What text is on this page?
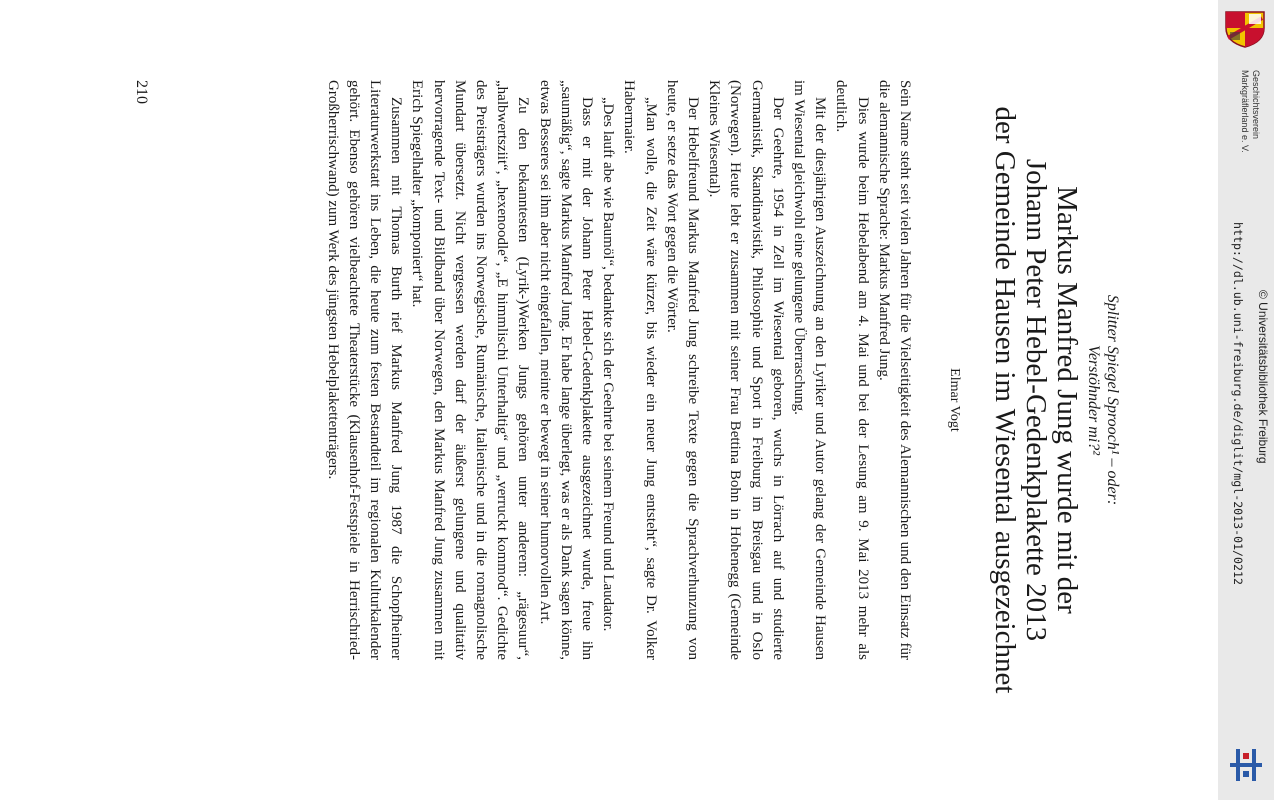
Splitter Spiegel Sprooch¹ – oder:
Verstöhnder mi?²
Markus Manfred Jung wurde mit der
Johann Peter Hebel-Gedenkplakette 2013
der Gemeinde Hausen im Wiesental ausgezeichnet
Elmar Vogt

Sein Name steht seit vielen Jahren für die Vielseitigkeit des Alemannischen und den Einsatz für die alemannische Sprache: Markus Manfred Jung.

Dies wurde beim Hebelabend am 4. Mai und bei der Lesung am 9. Mai 2013 mehr als deutlich.

Mit der diesjährigen Auszeichnung an den Lyriker und Autor gelang der Gemeinde Hausen im Wiesental gleichwohl eine gelungene Überraschung.

Der Geehrte, 1954 in Zell im Wiesental geboren, wuchs in Lörrach auf und studierte Germanistik, Skandinavistik, Philosophie und Sport in Freiburg im Breisgau und in Oslo (Norwegen). Heute lebt er zusammen mit seiner Frau Bettina Bohn in Hohenegg (Gemeinde Kleines Wiesental).

Der Hebelfreund Markus Manfred Jung schreibe Texte gegen die Sprachverhunzung von heute, er setze das Wort gegen die Wörter.

„Man wolle, die Zeit wäre kürzer, bis wieder ein neuer Jung entsteht“, sagte Dr. Volker Habermaier.

„Des lauft abe wie Baumöl“, bedankte sich der Geehrte bei seinem Freund und Laudator.

Dass er mit der Johann Peter Hebel-Gedenkplakette ausgezeichnet wurde, freue ihn „saumäßig“, sagte Markus Manfred Jung. Er habe lange überlegt, was er als Dank sagen könne, etwas Besseres sei ihm aber nicht eingefallen, meinte er bewegt in seiner humorvollen Art.

Zu den bekanntesten (Lyrik-)Werken Jungs gehören unter anderem: „rägesuur“, „halbwertsziit“, „hexenoodle“, „E himmlischi Unterhaltig“ und „verruckt kommod“. Gedichte des Preisträgers wurden ins Norwegische, Rumänische, Italienische und in die romagnolische Mundart übersetzt. Nicht vergessen werden darf der äußerst gelungene und qualitativ hervorragende Text- und Bildband über Norwegen, den Markus Manfred Jung zusammen mit Erich Spiegelhalter „komponiert“ hat.

Zusammen mit Thomas Burth rief Markus Manfred Jung 1987 die Schopfheimer Literaturwerkstatt ins Leben, die heute zum festen Bestandteil im regionalen Kulturkalender gehört. Ebenso gehören vielbeachtete Theaterstücke (Klausenhof-Festspiele in Herrischried-Großherrischwand) zum Werk des jüngsten Hebelplakettenträgers.

210	Geschichtsverein
Markgräflerland e. V.
http://dl.ub.uni-freiburg.de/diglit/mgl-2013-01/0212 © Universitätsbibliothek Freiburg
